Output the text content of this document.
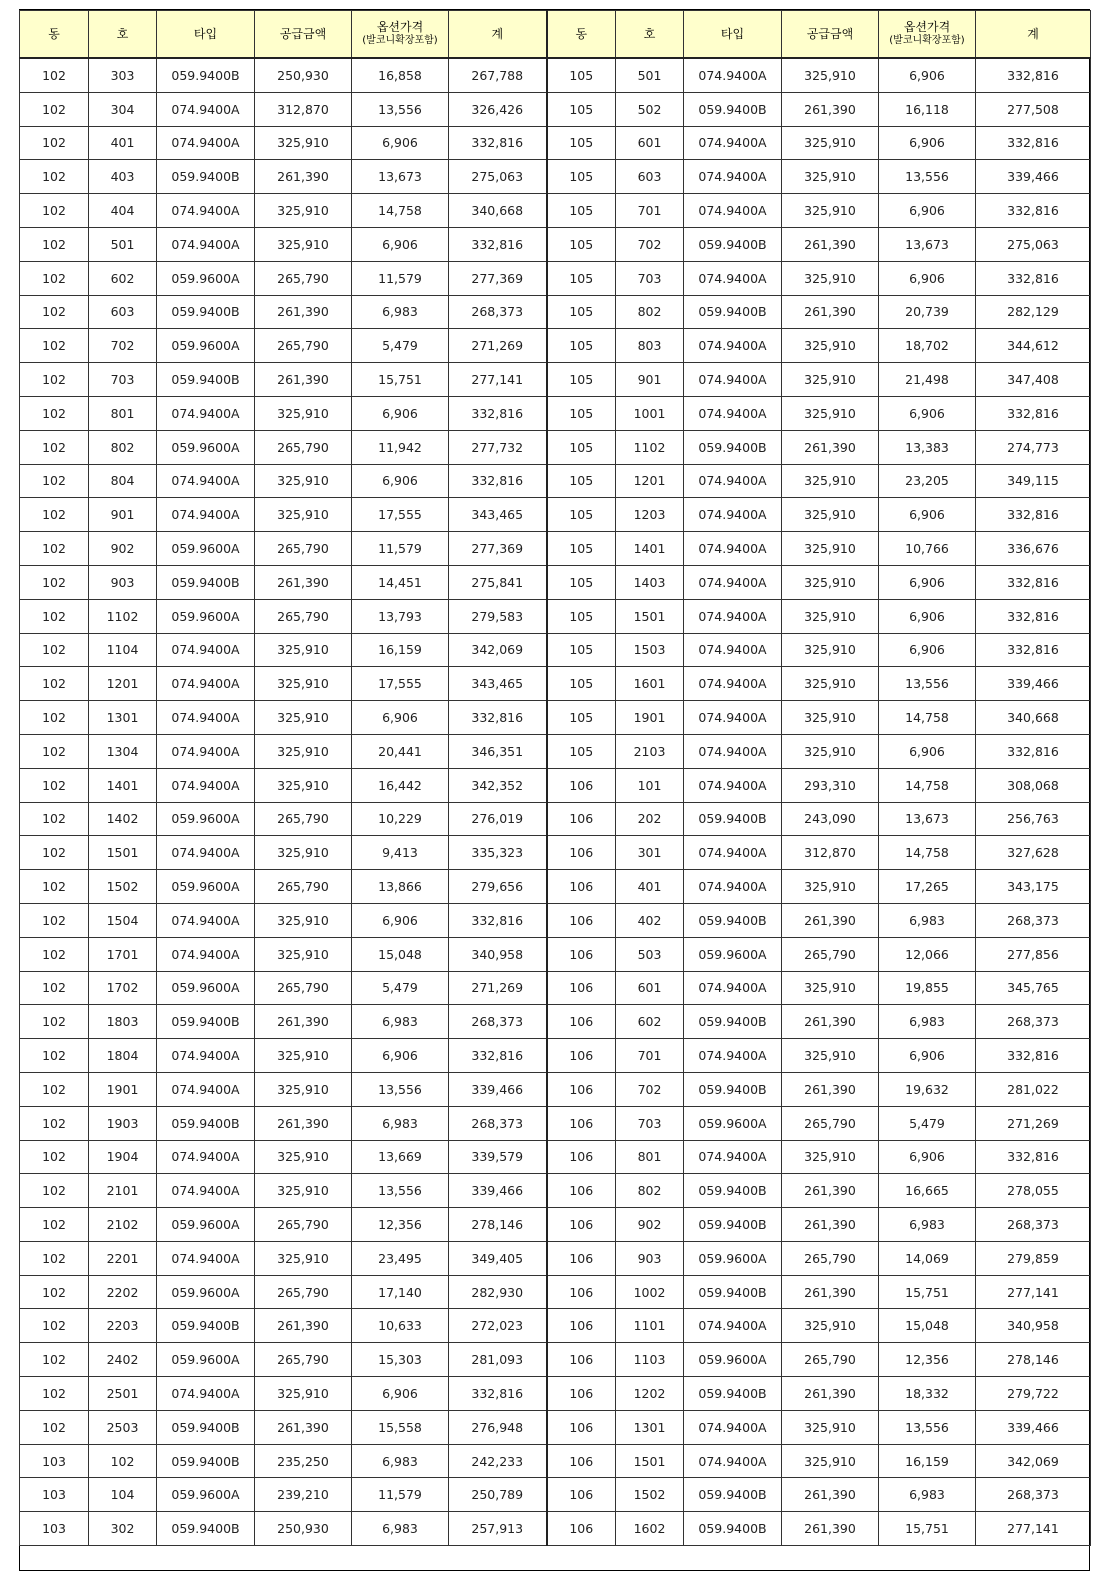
동	호	타입	공급금액	옵션가격
(발코니확장포함)	계	동	호	타입	공급금액	옵션가격
(발코니확장포함)	계
102	303	059.9400B	250,930	16,858	267,788	105	501	074.9400A	325,910	6,906	332,816
102	304	074.9400A	312,870	13,556	326,426	105	502	059.9400B	261,390	16,118	277,508
102	401	074.9400A	325,910	6,906	332,816	105	601	074.9400A	325,910	6,906	332,816
102	403	059.9400B	261,390	13,673	275,063	105	603	074.9400A	325,910	13,556	339,466
102	404	074.9400A	325,910	14,758	340,668	105	701	074.9400A	325,910	6,906	332,816
102	501	074.9400A	325,910	6,906	332,816	105	702	059.9400B	261,390	13,673	275,063
102	602	059.9600A	265,790	11,579	277,369	105	703	074.9400A	325,910	6,906	332,816
102	603	059.9400B	261,390	6,983	268,373	105	802	059.9400B	261,390	20,739	282,129
102	702	059.9600A	265,790	5,479	271,269	105	803	074.9400A	325,910	18,702	344,612
102	703	059.9400B	261,390	15,751	277,141	105	901	074.9400A	325,910	21,498	347,408
102	801	074.9400A	325,910	6,906	332,816	105	1001	074.9400A	325,910	6,906	332,816
102	802	059.9600A	265,790	11,942	277,732	105	1102	059.9400B	261,390	13,383	274,773
102	804	074.9400A	325,910	6,906	332,816	105	1201	074.9400A	325,910	23,205	349,115
102	901	074.9400A	325,910	17,555	343,465	105	1203	074.9400A	325,910	6,906	332,816
102	902	059.9600A	265,790	11,579	277,369	105	1401	074.9400A	325,910	10,766	336,676
102	903	059.9400B	261,390	14,451	275,841	105	1403	074.9400A	325,910	6,906	332,816
102	1102	059.9600A	265,790	13,793	279,583	105	1501	074.9400A	325,910	6,906	332,816
102	1104	074.9400A	325,910	16,159	342,069	105	1503	074.9400A	325,910	6,906	332,816
102	1201	074.9400A	325,910	17,555	343,465	105	1601	074.9400A	325,910	13,556	339,466
102	1301	074.9400A	325,910	6,906	332,816	105	1901	074.9400A	325,910	14,758	340,668
102	1304	074.9400A	325,910	20,441	346,351	105	2103	074.9400A	325,910	6,906	332,816
102	1401	074.9400A	325,910	16,442	342,352	106	101	074.9400A	293,310	14,758	308,068
102	1402	059.9600A	265,790	10,229	276,019	106	202	059.9400B	243,090	13,673	256,763
102	1501	074.9400A	325,910	9,413	335,323	106	301	074.9400A	312,870	14,758	327,628
102	1502	059.9600A	265,790	13,866	279,656	106	401	074.9400A	325,910	17,265	343,175
102	1504	074.9400A	325,910	6,906	332,816	106	402	059.9400B	261,390	6,983	268,373
102	1701	074.9400A	325,910	15,048	340,958	106	503	059.9600A	265,790	12,066	277,856
102	1702	059.9600A	265,790	5,479	271,269	106	601	074.9400A	325,910	19,855	345,765
102	1803	059.9400B	261,390	6,983	268,373	106	602	059.9400B	261,390	6,983	268,373
102	1804	074.9400A	325,910	6,906	332,816	106	701	074.9400A	325,910	6,906	332,816
102	1901	074.9400A	325,910	13,556	339,466	106	702	059.9400B	261,390	19,632	281,022
102	1903	059.9400B	261,390	6,983	268,373	106	703	059.9600A	265,790	5,479	271,269
102	1904	074.9400A	325,910	13,669	339,579	106	801	074.9400A	325,910	6,906	332,816
102	2101	074.9400A	325,910	13,556	339,466	106	802	059.9400B	261,390	16,665	278,055
102	2102	059.9600A	265,790	12,356	278,146	106	902	059.9400B	261,390	6,983	268,373
102	2201	074.9400A	325,910	23,495	349,405	106	903	059.9600A	265,790	14,069	279,859
102	2202	059.9600A	265,790	17,140	282,930	106	1002	059.9400B	261,390	15,751	277,141
102	2203	059.9400B	261,390	10,633	272,023	106	1101	074.9400A	325,910	15,048	340,958
102	2402	059.9600A	265,790	15,303	281,093	106	1103	059.9600A	265,790	12,356	278,146
102	2501	074.9400A	325,910	6,906	332,816	106	1202	059.9400B	261,390	18,332	279,722
102	2503	059.9400B	261,390	15,558	276,948	106	1301	074.9400A	325,910	13,556	339,466
103	102	059.9400B	235,250	6,983	242,233	106	1501	074.9400A	325,910	16,159	342,069
103	104	059.9600A	239,210	11,579	250,789	106	1502	059.9400B	261,390	6,983	268,373
103	302	059.9400B	250,930	6,983	257,913	106	1602	059.9400B	261,390	15,751	277,141
